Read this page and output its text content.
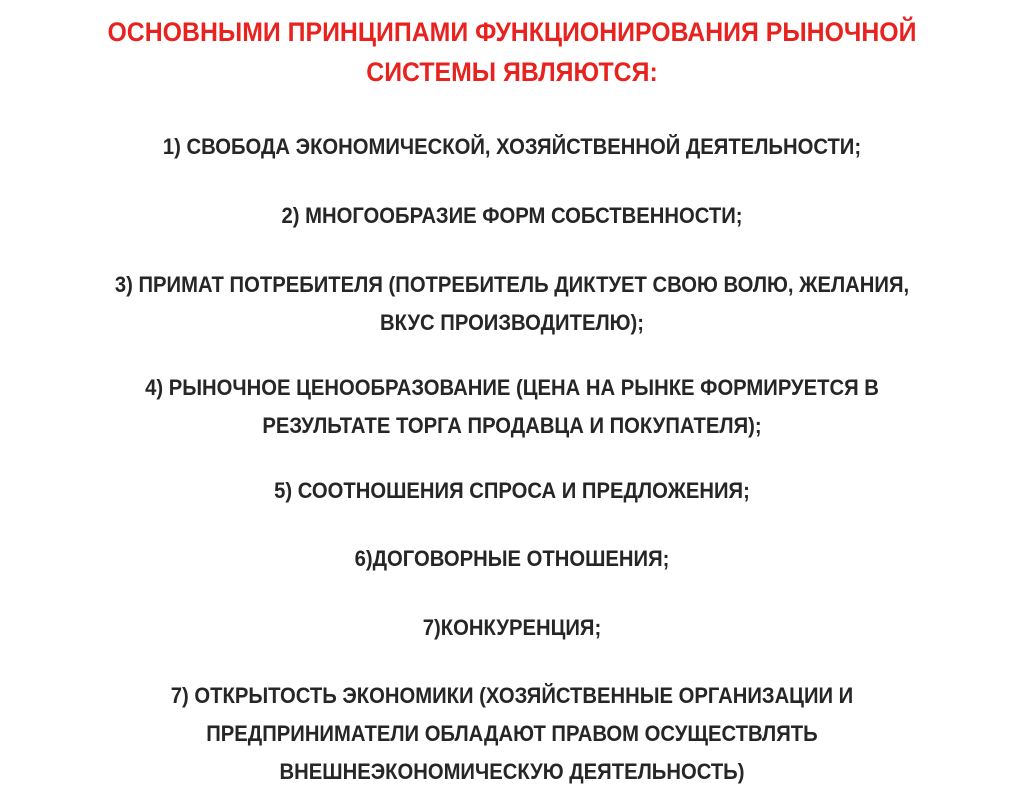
ОСНОВНЫМИ ПРИНЦИПАМИ ФУНКЦИОНИРОВАНИЯ РЫНОЧНОЙ
СИСТЕМЫ ЯВЛЯЮТСЯ:
1) СВОБОДА ЭКОНОМИЧЕСКОЙ, ХОЗЯЙСТВЕННОЙ ДЕЯТЕЛЬНОСТИ;
2) МНОГООБРАЗИЕ ФОРМ СОБСТВЕННОСТИ;
3) ПРИМАТ ПОТРЕБИТЕЛЯ (ПОТРЕБИТЕЛЬ ДИКТУЕТ СВОЮ ВОЛЮ, ЖЕЛАНИЯ,
ВКУС ПРОИЗВОДИТЕЛЮ);
4) РЫНОЧНОЕ ЦЕНООБРАЗОВАНИЕ (ЦЕНА НА РЫНКЕ ФОРМИРУЕТСЯ В
РЕЗУЛЬТАТЕ ТОРГА ПРОДАВЦА И ПОКУПАТЕЛЯ);
5) СООТНОШЕНИЯ СПРОСА И ПРЕДЛОЖЕНИЯ;
6)ДОГОВОРНЫЕ ОТНОШЕНИЯ;
7)КОНКУРЕНЦИЯ;
7) ОТКРЫТОСТЬ ЭКОНОМИКИ (ХОЗЯЙСТВЕННЫЕ ОРГАНИЗАЦИИ И
ПРЕДПРИНИМАТЕЛИ ОБЛАДАЮТ ПРАВОМ ОСУЩЕСТВЛЯТЬ
ВНЕШНЕЭКОНОМИЧЕСКУЮ ДЕЯТЕЛЬНОСТЬ)
